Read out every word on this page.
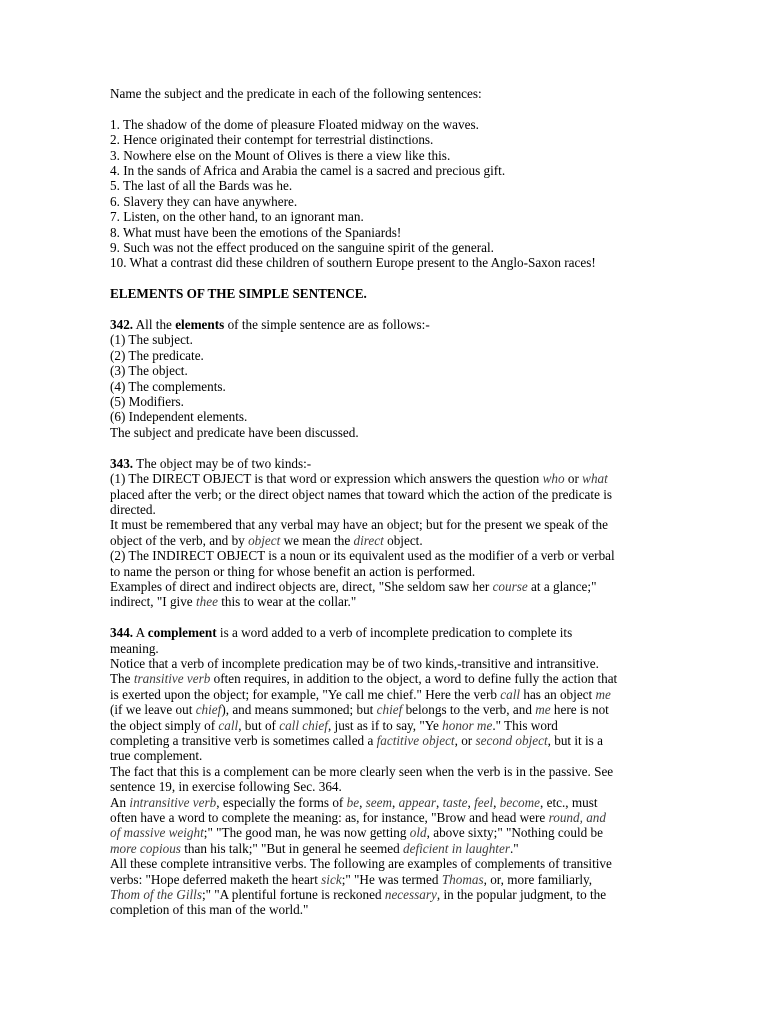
Name the subject and the predicate in each of the following sentences:
1. The shadow of the dome of pleasure Floated midway on the waves.
2. Hence originated their contempt for terrestrial distinctions.
3. Nowhere else on the Mount of Olives is there a view like this.
4. In the sands of Africa and Arabia the camel is a sacred and precious gift.
5. The last of all the Bards was he.
6. Slavery they can have anywhere.
7. Listen, on the other hand, to an ignorant man.
8. What must have been the emotions of the Spaniards!
9. Such was not the effect produced on the sanguine spirit of the general.
10. What a contrast did these children of southern Europe present to the Anglo-Saxon races!
ELEMENTS OF THE SIMPLE SENTENCE.
342. All the elements of the simple sentence are as follows:-
(1) The subject.
(2) The predicate.
(3) The object.
(4) The complements.
(5) Modifiers.
(6) Independent elements.
The subject and predicate have been discussed.
343. The object may be of two kinds:-
(1) The DIRECT OBJECT is that word or expression which answers the question who or what
placed after the verb; or the direct object names that toward which the action of the predicate is
directed.
It must be remembered that any verbal may have an object; but for the present we speak of the
object of the verb, and by object we mean the direct object.
(2) The INDIRECT OBJECT is a noun or its equivalent used as the modifier of a verb or verbal
to name the person or thing for whose benefit an action is performed.
Examples of direct and indirect objects are, direct, "She seldom saw her course at a glance;"
indirect, "I give thee this to wear at the collar."
344. A complement is a word added to a verb of incomplete predication to complete its
meaning.
Notice that a verb of incomplete predication may be of two kinds,-transitive and intransitive.
The transitive verb often requires, in addition to the object, a word to define fully the action that
is exerted upon the object; for example, "Ye call me chief." Here the verb call has an object me
(if we leave out chief), and means summoned; but chief belongs to the verb, and me here is not
the object simply of call, but of call chief, just as if to say, "Ye honor me." This word
completing a transitive verb is sometimes called a factitive object, or second object, but it is a
true complement.
The fact that this is a complement can be more clearly seen when the verb is in the passive. See
sentence 19, in exercise following Sec. 364.
An intransitive verb, especially the forms of be, seem, appear, taste, feel, become, etc., must
often have a word to complete the meaning: as, for instance, "Brow and head were round, and
of massive weight;" "The good man, he was now getting old, above sixty;" "Nothing could be
more copious than his talk;" "But in general he seemed deficient in laughter."
All these complete intransitive verbs. The following are examples of complements of transitive
verbs: "Hope deferred maketh the heart sick;" "He was termed Thomas, or, more familiarly,
Thom of the Gills;" "A plentiful fortune is reckoned necessary, in the popular judgment, to the
completion of this man of the world."
